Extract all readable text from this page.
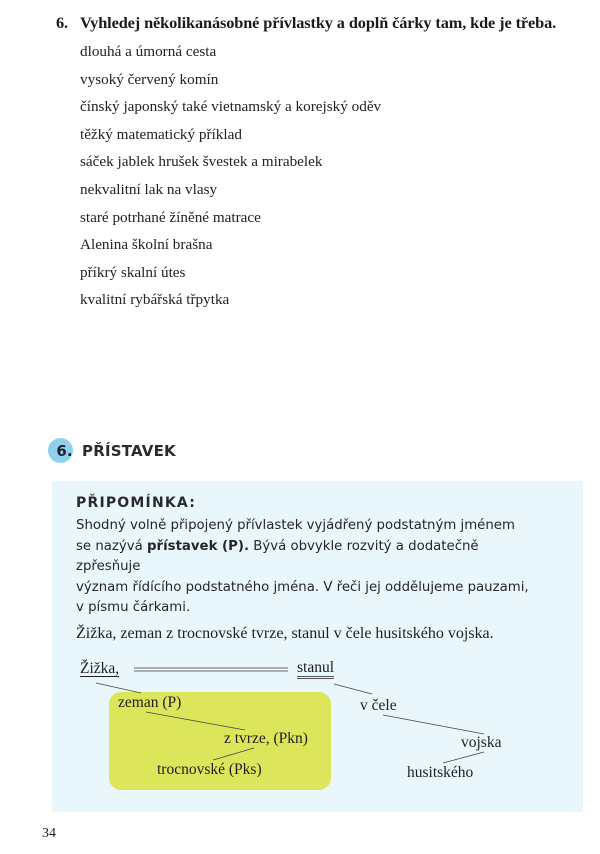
6. Vyhledej několikanásobné přívlastky a doplň čárky tam, kde je třeba.
dlouhá a úmorná cesta
vysoký červený komín
čínský japonský také vietnamský a korejský oděv
těžký matematický příklad
sáček jablek hrušek švestek a mirabelek
nekvalitní lak na vlasy
staré potrhané žíněné matrace
Alenina školní brašna
příkrý skalní útes
kvalitní rybářská třpytka
6. PŘÍSTAVEK
PŘIPOMÍNKA:
Shodný volně připojený přívlastek vyjádřený podstatným jménem
se nazývá přístavek (P). Bývá obvykle rozvitý a dodatečně zpřesňuje
význam řídícího podstatného jména. V řeči jej oddělujeme pauzami,
v písmu čárkami.
Žižka, zeman z trocnovské tvrze, stanul v čele husitského vojska.
Žižka,	stanul
zeman (P)
z tvrze, (Pkn)
trocnovské (Pks)
v čele
vojska
husitského
34
